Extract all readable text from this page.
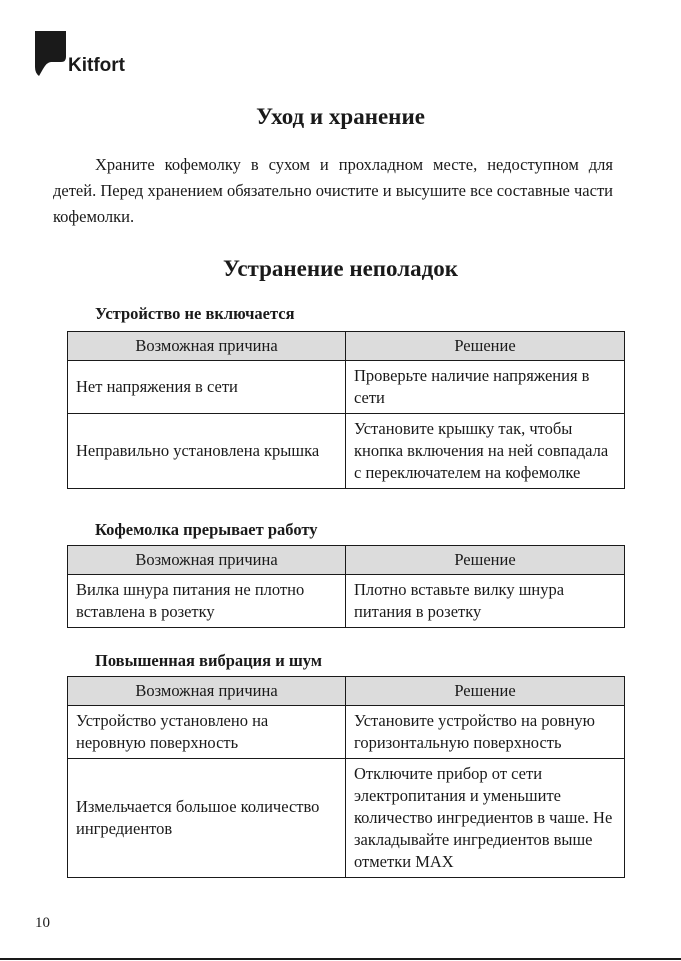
Kitfort
Уход и хранение

Храните кофемолку в сухом и прохладном месте, недоступном для детей. Перед хранением обязательно очистите и высушите все составные части кофемолки.

Устранение неполадок
Устройство не включается
Возможная причина	Решение
Нет напряжения в сети	Проверьте наличие напряжения в сети
Неправильно установлена крышка	Установите крышку так, чтобы кнопка включения на ней совпадала с переключателем на кофемолке
Кофемолка прерывает работу
Возможная причина	Решение
Вилка шнура питания не плотно вставлена в розетку	Плотно вставьте вилку шнура питания в розетку
Повышенная вибрация и шум
Возможная причина	Решение
Устройство установлено на неровную поверхность	Установите устройство на ровную горизонтальную поверхность
Измельчается большое количество ингредиентов	Отключите прибор от сети электропитания и уменьшите количество ингредиентов в чаше. Не закладывайте ингредиентов выше отметки MAX
10
